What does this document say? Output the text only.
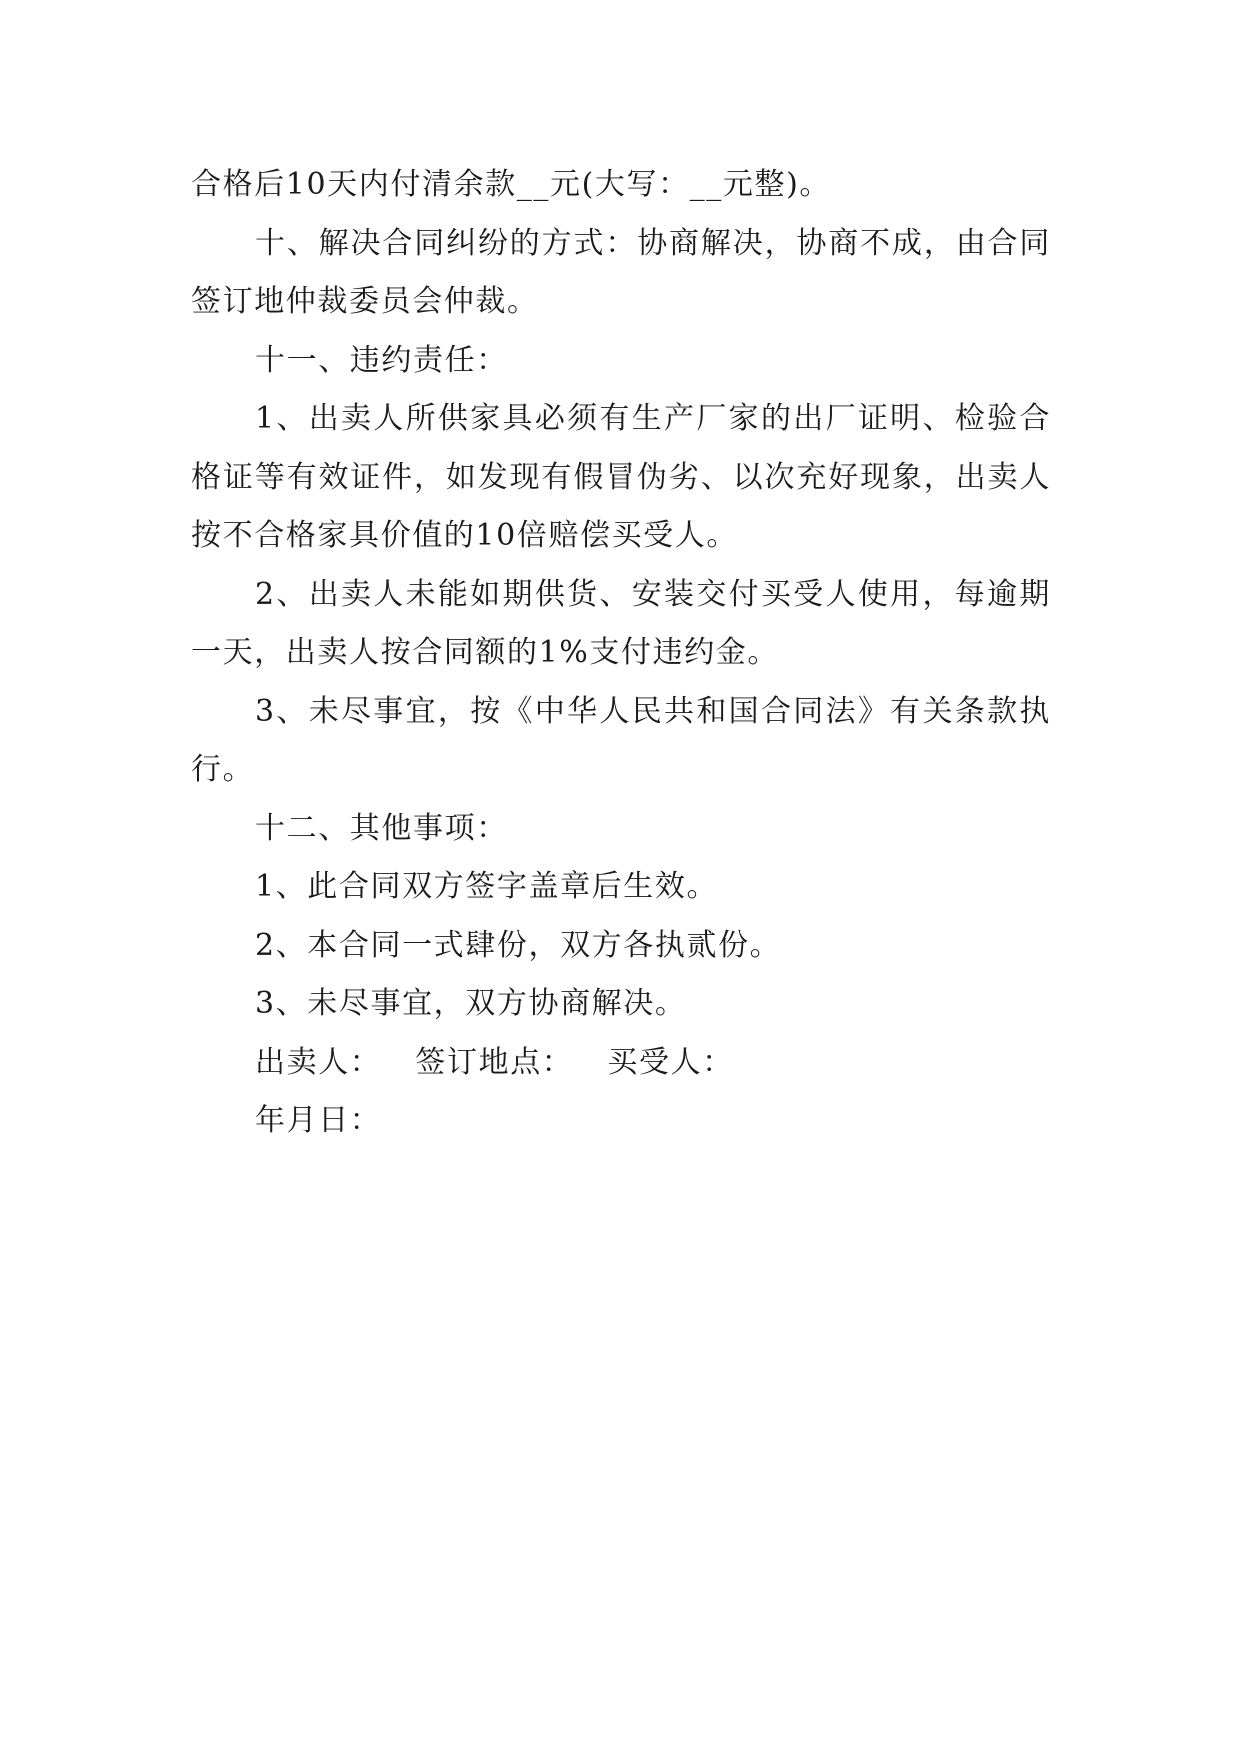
合格后10天内付清余款__元(大写：__元整)。

十、解决合同纠纷的方式：协商解决，协商不成，由合同签订地仲裁委员会仲裁。

十一、违约责任：

1、出卖人所供家具必须有生产厂家的出厂证明、检验合格证等有效证件，如发现有假冒伪劣、以次充好现象，出卖人按不合格家具价值的10倍赔偿买受人。

2、出卖人未能如期供货、安装交付买受人使用，每逾期一天，出卖人按合同额的1%支付违约金。

3、未尽事宜，按《中华人民共和国合同法》有关条款执行。

十二、其他事项：

1、此合同双方签字盖章后生效。

2、本合同一式肆份，双方各执贰份。

3、未尽事宜，双方协商解决。

出卖人： 签订地点： 买受人：
年月日：
